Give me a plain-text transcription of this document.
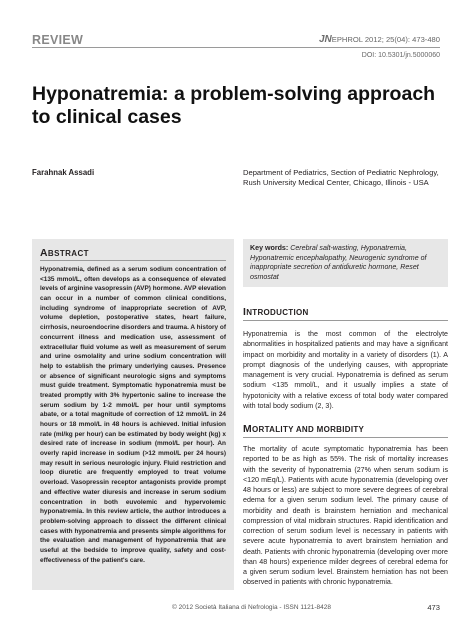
REVIEW	JNEPHROL 2012; 25(04): 473-480
DOI: 10.5301/jn.5000060
Hyponatremia: a problem-solving approach to clinical cases
Farahnak Assadi	Department of Pediatrics, Section of Pediatric Nephrology, Rush University Medical Center, Chicago, Illinois - USA
ABSTRACT
Hyponatremia, defined as a serum sodium concentration of <135 mmol/L, often develops as a consequence of elevated levels of arginine vasopressin (AVP) hormone. AVP elevation can occur in a number of common clinical conditions, including syndrome of inappropriate secretion of AVP, volume depletion, postoperative states, heart failure, cirrhosis, neuroendocrine disorders and trauma. A history of concurrent illness and medication use, assessment of extracellular fluid volume as well as measurement of serum and urine osmolality and urine sodium concentration will help to establish the primary underlying causes. Presence or absence of significant neurologic signs and symptoms must guide treatment. Symptomatic hyponatremia must be treated promptly with 3% hypertonic saline to increase the serum sodium by 1-2 mmol/L per hour until symptoms abate, or a total magnitude of correction of 12 mmol/L in 24 hours or 18 mmol/L in 48 hours is achieved. Initial infusion rate (ml/kg per hour) can be estimated by body weight (kg) x desired rate of increase in sodium (mmol/L per hour). An overly rapid increase in sodium (>12 mmol/L per 24 hours) may result in serious neurologic injury. Fluid restriction and loop diuretic are frequently employed to treat volume overload. Vasopressin receptor antagonists provide prompt and effective water diuresis and increase in serum sodium concentration in both euvolemic and hypervolemic hyponatremia. In this review article, the author introduces a problem-solving approach to dissect the different clinical cases with hyponatremia and presents simple algorithms for the evaluation and management of hyponatremia that are useful at the bedside to improve quality, safety and cost-effectiveness of the patient's care.
Key words: Cerebral salt-wasting, Hyponatremia, Hyponatremic encephalopathy, Neurogenic syndrome of inappropriate secretion of antidiuretic hormone, Reset osmostat
INTRODUCTION
Hyponatremia is the most common of the electrolyte abnormalities in hospitalized patients and may have a significant impact on morbidity and mortality in a variety of disorders (1). A prompt diagnosis of the underlying causes, with appropriate management is very crucial. Hyponatremia is defined as serum sodium <135 mmol/L, and it usually implies a state of hypotonicity with a relative excess of total body water compared with total body sodium (2, 3).
MORTALITY AND MORBIDITY
The mortality of acute symptomatic hyponatremia has been reported to be as high as 55%. The risk of mortality increases with the severity of hyponatremia (27% when serum sodium is <120 mEq/L). Patients with acute hyponatremia (developing over 48 hours or less) are subject to more severe degrees of cerebral edema for a given serum sodium level. The primary cause of morbidity and death is brainstem herniation and mechanical compression of vital midbrain structures. Rapid identification and correction of serum sodium level is necessary in patients with severe acute hyponatremia to avert brainstem herniation and death. Patients with chronic hyponatremia (developing over more than 48 hours) experience milder degrees of cerebral edema for a given serum sodium level. Brainstem herniation has not been observed in patients with chronic hyponatremia.
© 2012 Società Italiana di Nefrologia - ISSN 1121-8428	473
